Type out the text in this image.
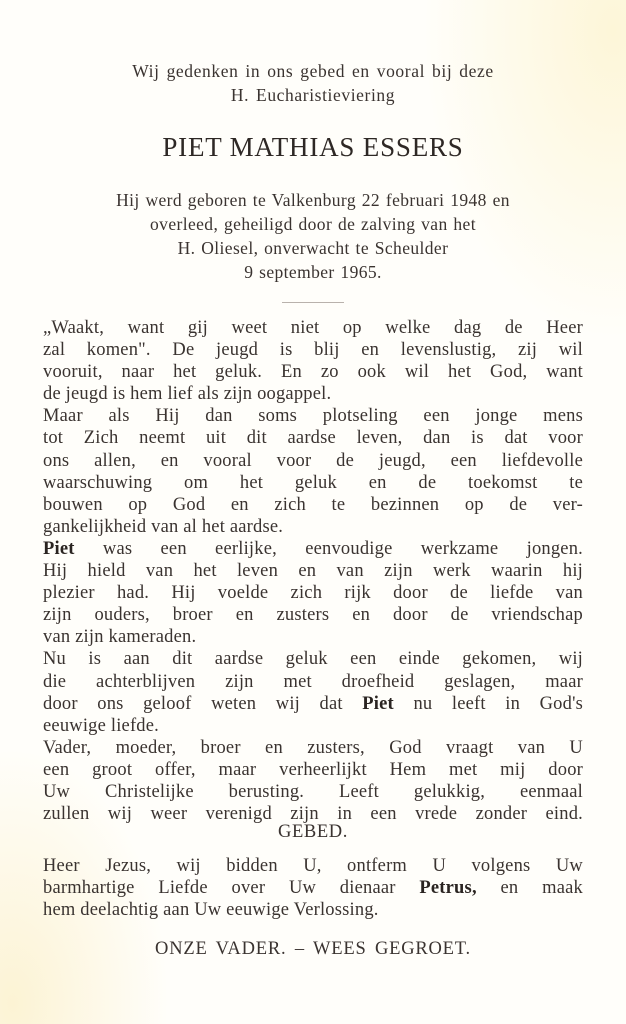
Wij gedenken in ons gebed en vooral bij deze
H. Eucharistieviering
PIET MATHIAS ESSERS
Hij werd geboren te Valkenburg 22 februari 1948 en
overleed, geheiligd door de zalving van het
H. Oliesel, onverwacht te Scheulder
9 september 1965.
„Waakt, want gij weet niet op welke dag de Heer
zal komen". De jeugd is blij en levenslustig, zij wil
vooruit, naar het geluk. En zo ook wil het God, want
de jeugd is hem lief als zijn oogappel.
Maar als Hij dan soms plotseling een jonge mens
tot Zich neemt uit dit aardse leven, dan is dat voor
ons allen, en vooral voor de jeugd, een liefdevolle
waarschuwing om het geluk en de toekomst te
bouwen op God en zich te bezinnen op de ver-
gankelijkheid van al het aardse.
Piet was een eerlijke, eenvoudige werkzame jongen.
Hij hield van het leven en van zijn werk waarin hij
plezier had. Hij voelde zich rijk door de liefde van
zijn ouders, broer en zusters en door de vriendschap
van zijn kameraden.
Nu is aan dit aardse geluk een einde gekomen, wij
die achterblijven zijn met droefheid geslagen, maar
door ons geloof weten wij dat Piet nu leeft in God's
eeuwige liefde.
Vader, moeder, broer en zusters, God vraagt van U
een groot offer, maar verheerlijkt Hem met mij door
Uw Christelijke berusting. Leeft gelukkig, eenmaal
zullen wij weer verenigd zijn in een vrede zonder eind.
GEBED.
Heer Jezus, wij bidden U, ontferm U volgens Uw
barmhartige Liefde over Uw dienaar Petrus, en maak
hem deelachtig aan Uw eeuwige Verlossing.
ONZE VADER. – WEES GEGROET.
